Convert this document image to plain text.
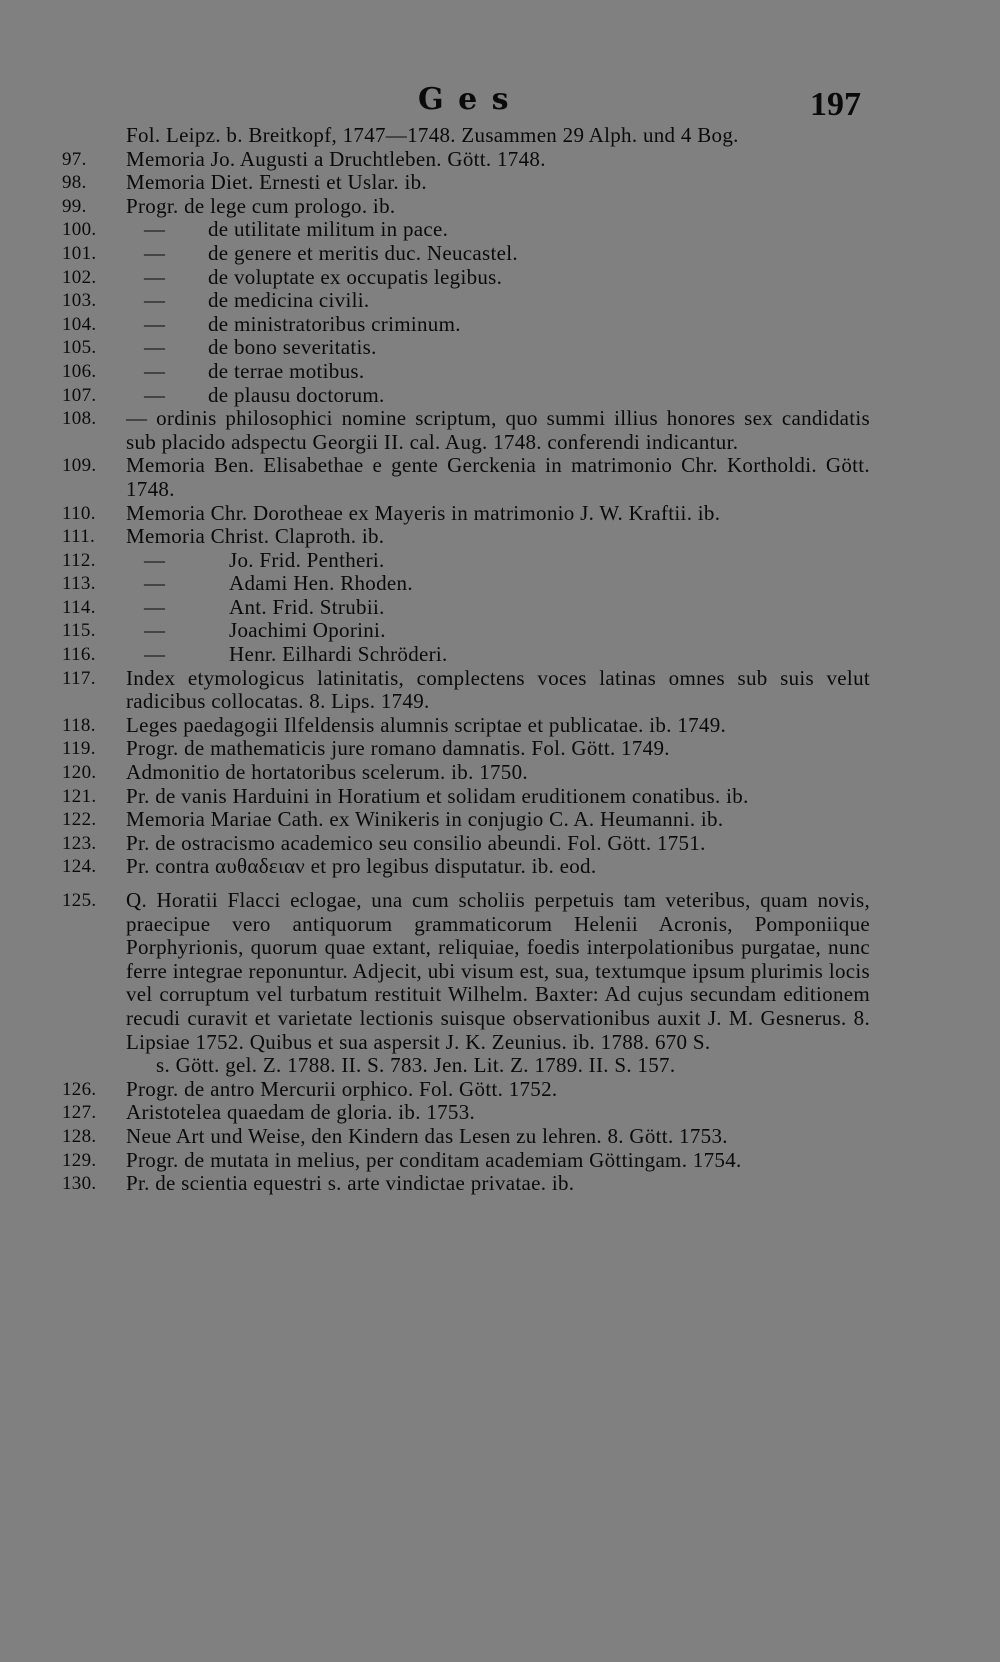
G e s	197
Fol. Leipz. b. Breitkopf, 1747—1748. Zusammen 29 Alph. und 4 Bog.
97.	Memoria Jo. Augusti a Druchtleben. Gött. 1748.
98.	Memoria Diet. Ernesti et Uslar. ib.
99.	Progr. de lege cum prologo. ib.
100.	— de utilitate militum in pace.
101.	— de genere et meritis duc. Neucastel.
102.	— de voluptate ex occupatis legibus.
103.	— de medicina civili.
104.	— de ministratoribus criminum.
105.	— de bono severitatis.
106.	— de terrae motibus.
107.	— de plausu doctorum.
108.	— ordinis philosophici nomine scriptum, quo summi illius honores sex candidatis sub placido adspectu Georgii II. cal. Aug. 1748. conferendi indicantur.
109.	Memoria Ben. Elisabethae e gente Gerckenia in matrimonio Chr. Kortholdi. Gött. 1748.
110.	Memoria Chr. Dorotheae ex Mayeris in matrimonio J. W. Kraftii. ib.
111.	Memoria Christ. Claproth. ib.
112.	—	Jo. Frid. Pentheri.
113.	—	Adami Hen. Rhoden.
114.	—	Ant. Frid. Strubii.
115.	—	Joachimi Oporini.
116.	—	Henr. Eilhardi Schröderi.
117.	Index etymologicus latinitatis, complectens voces latinas omnes sub suis velut radicibus collocatas. 8. Lips. 1749.
118.	Leges paedagogii Ilfeldensis alumnis scriptae et publicatae. ib. 1749.
119.	Progr. de mathematicis jure romano damnatis. Fol. Gött. 1749.
120.	Admonitio de hortatoribus scelerum. ib. 1750.
121.	Pr. de vanis Harduini in Horatium et solidam eruditionem conatibus. ib.
122.	Memoria Mariae Cath. ex Winikeris in conjugio C. A. Heumanni. ib.
123.	Pr. de ostracismo academico seu consilio abeundi. Fol. Gött. 1751.
124.	Pr. contra αυθαδειαν et pro legibus disputatur. ib. eod.
125.	Q. Horatii Flacci eclogae, una cum scholiis perpetuis tam veteribus, quam novis, praecipue vero antiquorum grammaticorum Helenii Acronis, Pomponiique Porphyrionis, quorum quae extant, reliquiae, foedis interpolationibus purgatae, nunc ferre integrae reponuntur. Adjecit, ubi visum est, sua, textumque ipsum plurimis locis vel corruptum vel turbatum restituit Wilhelm. Baxter: Ad cujus secundam editionem recudi curavit et varietate lectionis suisque observationibus auxit J. M. Gesnerus. 8. Lipsiae 1752. Quibus et sua aspersit J. K. Zeunius. ib. 1788. 670 S.
s. Gött. gel. Z. 1788. II. S. 783. Jen. Lit. Z. 1789. II. S. 157.
126.	Progr. de antro Mercurii orphico. Fol. Gött. 1752.
127.	Aristotelea quaedam de gloria. ib. 1753.
128.	Neue Art und Weise, den Kindern das Lesen zu lehren. 8. Gött. 1753.
129.	Progr. de mutata in melius, per conditam academiam Göttingam. 1754.
130.	Pr. de scientia equestri s. arte vindictae privatae. ib.
